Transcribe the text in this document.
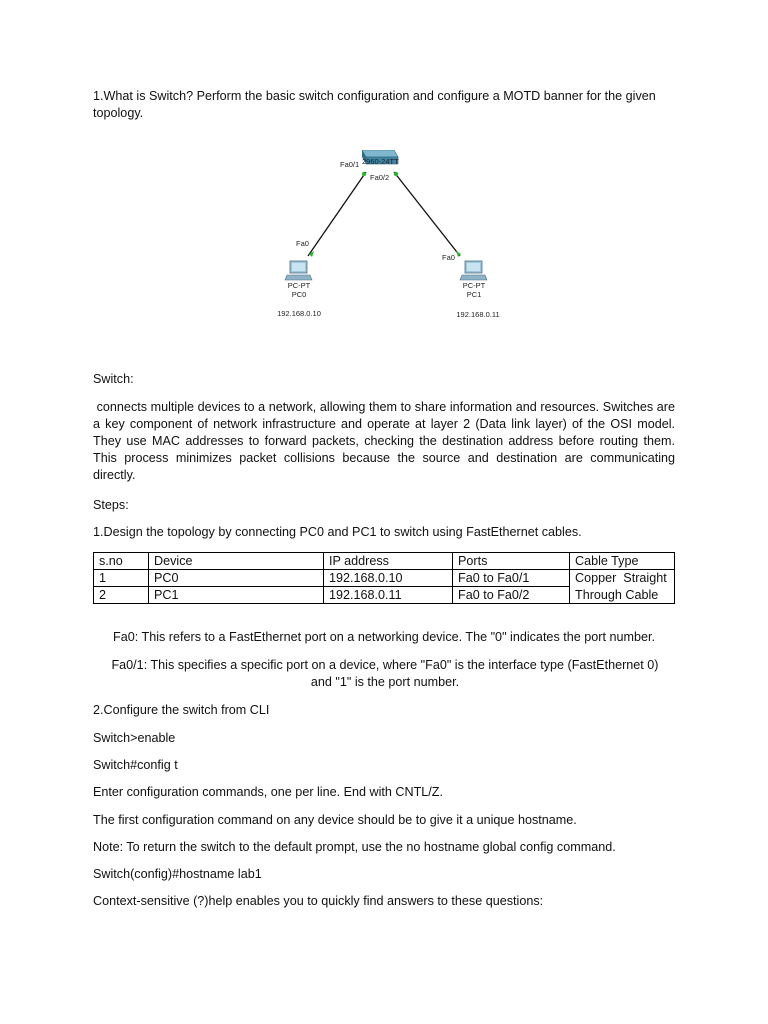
1.What is Switch? Perform the basic switch configuration and configure a MOTD banner for the given topology.
2960-24TT
Fa0/1
Fa0/2
Fa0
PC-PT
PC0
192.168.0.10
Fa0
PC-PT
PC1
192.168.0.11
Switch:
connects multiple devices to a network, allowing them to share information and resources. Switches are a key component of network infrastructure and operate at layer 2 (Data link layer) of the OSI model. They use MAC addresses to forward packets, checking the destination address before routing them. This process minimizes packet collisions because the source and destination are communicating directly.
Steps:
1.Design the topology by connecting PC0 and PC1 to switch using FastEthernet cables.
s.no	Device	IP address	Ports	Cable Type
1	PC0	192.168.0.10	Fa0 to Fa0/1	Copper  Straight
2	PC1	192.168.0.11	Fa0 to Fa0/2	Through Cable
Fa0: This refers to a FastEthernet port on a networking device. The "0" indicates the port number.
Fa0/1: This specifies a specific port on a device, where "Fa0" is the interface type (FastEthernet 0) and "1" is the port number.
2.Configure the switch from CLI
Switch>enable
Switch#config t
Enter configuration commands, one per line. End with CNTL/Z.
The first configuration command on any device should be to give it a unique hostname.
Note: To return the switch to the default prompt, use the no hostname global config command.
Switch(config)#hostname lab1
Context-sensitive (?)help enables you to quickly find answers to these questions:
